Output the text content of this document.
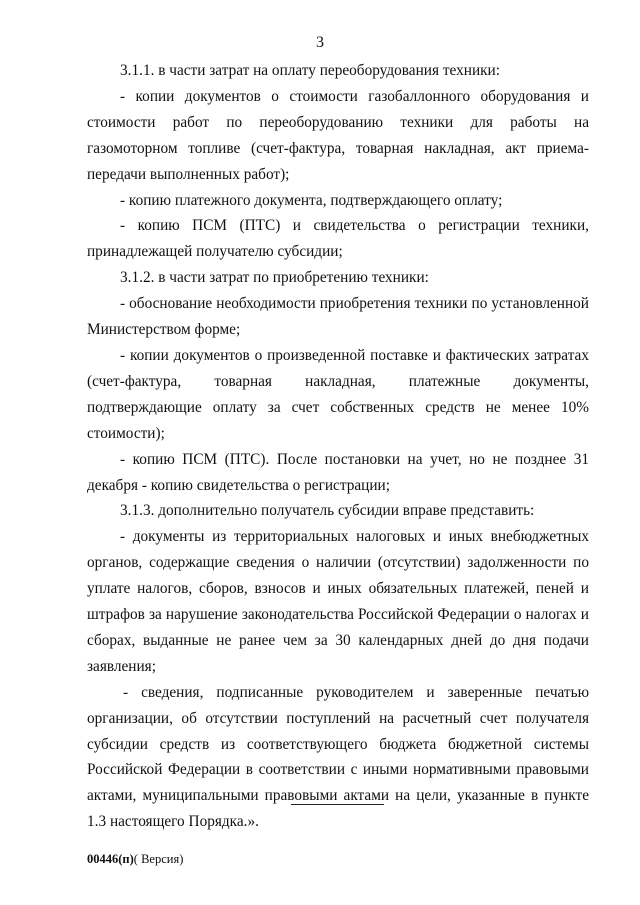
3

3.1.1. в части затрат на оплату переоборудования техники:

- копии документов о стоимости газобаллонного оборудования и стоимости работ по переоборудованию техники для работы на газомоторном топливе (счет-фактура, товарная накладная, акт приема-передачи выполненных работ);

- копию платежного документа, подтверждающего оплату;

- копию ПСМ (ПТС) и свидетельства о регистрации техники, принадлежащей получателю субсидии;

3.1.2. в части затрат по приобретению техники:

- обоснование необходимости приобретения техники по установленной Министерством форме;

- копии документов о произведенной поставке и фактических затратах (счет-фактура, товарная накладная, платежные документы, подтверждающие оплату за счет собственных средств не менее 10% стоимости);

- копию ПСМ (ПТС). После постановки на учет, но не позднее 31 декабря - копию свидетельства о регистрации;

3.1.3. дополнительно получатель субсидии вправе представить:

- документы из территориальных налоговых и иных внебюджетных органов, содержащие сведения о наличии (отсутствии) задолженности по уплате налогов, сборов, взносов и иных обязательных платежей, пеней и штрафов за нарушение законодательства Российской Федерации о налогах и сборах, выданные не ранее чем за 30 календарных дней до дня подачи заявления;

- сведения, подписанные руководителем и заверенные печатью организации, об отсутствии поступлений на расчетный счет получателя субсидии средств из соответствующего бюджета бюджетной системы Российской Федерации в соответствии с иными нормативными правовыми актами, муниципальными правовыми актами на цели, указанные в пункте 1.3 настоящего Порядка.».

00446(п)( Версия)
